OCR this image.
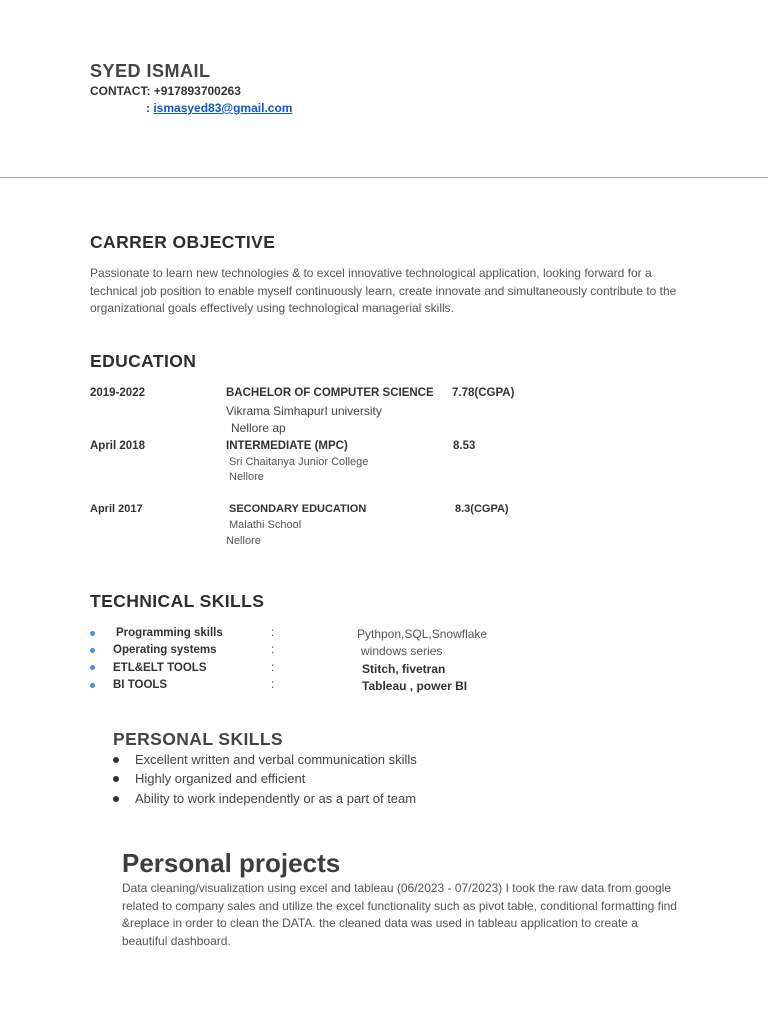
SYED ISMAIL
CONTACT: +917893700263
: ismasyed83@gmail.com
CARRER OBJECTIVE
Passionate to learn new technologies & to excel innovative technological application, looking forward for a technical job position to enable myself continuously learn, create innovate and simultaneously contribute to the organizational goals effectively using technological managerial skills.
EDUCATION
2019-2022	BACHELOR OF COMPUTER SCIENCE 7.78(CGPA)
Vikrama SimhapurI university
Nellore ap
April 2018	INTERMEDIATE (MPC)	8.53
Sri Chaitanya Junior College
Nellore
April 2017	SECONDARY EDUCATION	8.3(CGPA)
Malathi School
Nellore
TECHNICAL SKILLS
Programming skills	:	Pythpon,SQL,Snowflake
Operating systems	:	windows series
ETL&ELT TOOLS	:	Stitch, fivetran
BI TOOLS	:	Tableau , power BI
PERSONAL SKILLS
Excellent written and verbal communication skills
Highly organized and efficient
Ability to work independently or as a part of team
Personal projects
Data cleaning/visualization using excel and tableau (06/2023 - 07/2023) I took the raw data from google related to company sales and utilize the excel functionality such as pivot table, conditional formatting find &replace in order to clean the DATA. the cleaned data was used in tableau application to create a beautiful dashboard.
